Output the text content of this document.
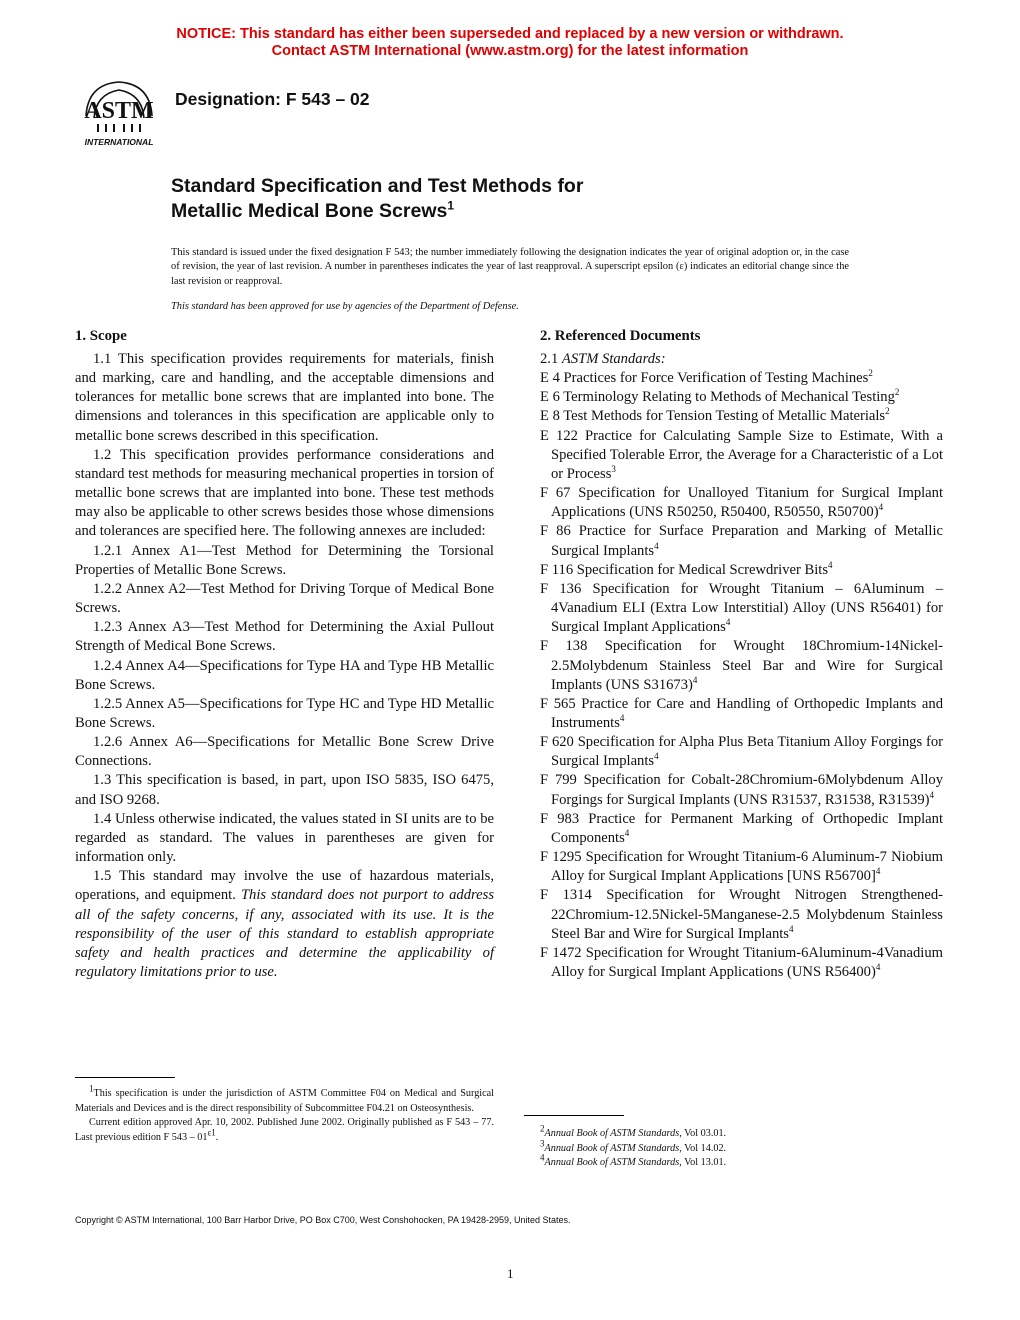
NOTICE: This standard has either been superseded and replaced by a new version or withdrawn.
Contact ASTM International (www.astm.org) for the latest information
ASTM
INTERNATIONAL
Designation: F 543 – 02
Standard Specification and Test Methods for
Metallic Medical Bone Screws$^1$
This standard is issued under the fixed designation F 543; the number immediately following the designation indicates the year of original adoption or, in the case of revision, the year of last revision. A number in parentheses indicates the year of last reapproval. A superscript epsilon (ε) indicates an editorial change since the last revision or reapproval.
This standard has been approved for use by agencies of the Department of Defense.
1. Scope

1.1 This specification provides requirements for materials, finish and marking, care and handling, and the acceptable dimensions and tolerances for metallic bone screws that are implanted into bone. The dimensions and tolerances in this specification are applicable only to metallic bone screws described in this specification.

1.2 This specification provides performance considerations and standard test methods for measuring mechanical properties in torsion of metallic bone screws that are implanted into bone. These test methods may also be applicable to other screws besides those whose dimensions and tolerances are specified here. The following annexes are included:

1.2.1 Annex A1—Test Method for Determining the Torsional Properties of Metallic Bone Screws.

1.2.2 Annex A2—Test Method for Driving Torque of Medical Bone Screws.

1.2.3 Annex A3—Test Method for Determining the Axial Pullout Strength of Medical Bone Screws.

1.2.4 Annex A4—Specifications for Type HA and Type HB Metallic Bone Screws.

1.2.5 Annex A5—Specifications for Type HC and Type HD Metallic Bone Screws.

1.2.6 Annex A6—Specifications for Metallic Bone Screw Drive Connections.

1.3 This specification is based, in part, upon ISO 5835, ISO 6475, and ISO 9268.

1.4 Unless otherwise indicated, the values stated in SI units are to be regarded as standard. The values in parentheses are given for information only.

1.5 This standard may involve the use of hazardous materials, operations, and equipment. This standard does not purport to address all of the safety concerns, if any, associated with its use. It is the responsibility of the user of this standard to establish appropriate safety and health practices and determine the applicability of regulatory limitations prior to use.

2. Referenced Documents

2.1 ASTM Standards:

E 4 Practices for Force Verification of Testing Machines$^2$

E 6 Terminology Relating to Methods of Mechanical Testing$^2$

E 8 Test Methods for Tension Testing of Metallic Materials$^2$

E 122 Practice for Calculating Sample Size to Estimate, With a Specified Tolerable Error, the Average for a Characteristic of a Lot or Process$^3$

F 67 Specification for Unalloyed Titanium for Surgical Implant Applications (UNS R50250, R50400, R50550, R50700)$^4$

F 86 Practice for Surface Preparation and Marking of Metallic Surgical Implants$^4$

F 116 Specification for Medical Screwdriver Bits$^4$

F 136 Specification for Wrought Titanium – 6Aluminum – 4Vanadium ELI (Extra Low Interstitial) Alloy (UNS R56401) for Surgical Implant Applications$^4$

F 138 Specification for Wrought 18Chromium-14Nickel-2.5Molybdenum Stainless Steel Bar and Wire for Surgical Implants (UNS S31673)$^4$

F 565 Practice for Care and Handling of Orthopedic Implants and Instruments$^4$

F 620 Specification for Alpha Plus Beta Titanium Alloy Forgings for Surgical Implants$^4$

F 799 Specification for Cobalt-28Chromium-6Molybdenum Alloy Forgings for Surgical Implants (UNS R31537, R31538, R31539)$^4$

F 983 Practice for Permanent Marking of Orthopedic Implant Components$^4$

F 1295 Specification for Wrought Titanium-6 Aluminum-7 Niobium Alloy for Surgical Implant Applications [UNS R56700]$^4$

F 1314 Specification for Wrought Nitrogen Strengthened-22Chromium-12.5Nickel-5Manganese-2.5 Molybdenum Stainless Steel Bar and Wire for Surgical Implants$^4$

F 1472 Specification for Wrought Titanium-6Aluminum-4Vanadium Alloy for Surgical Implant Applications (UNS R56400)$^4$

$^1$This specification is under the jurisdiction of ASTM Committee F04 on Medical and Surgical Materials and Devices and is the direct responsibility of Subcommittee F04.21 on Osteosynthesis.
Current edition approved Apr. 10, 2002. Published June 2002. Originally published as F 543 – 77. Last previous edition F $543 - 01^{\varepsilon 1}$.
$^2$Annual Book of ASTM Standards, Vol 03.01.
$^3$Annual Book of ASTM Standards, Vol 14.02.
$^4$Annual Book of ASTM Standards, Vol 13.01.
Copyright © ASTM International, 100 Barr Harbor Drive, PO Box C700, West Conshohocken, PA 19428-2959, United States.
1
